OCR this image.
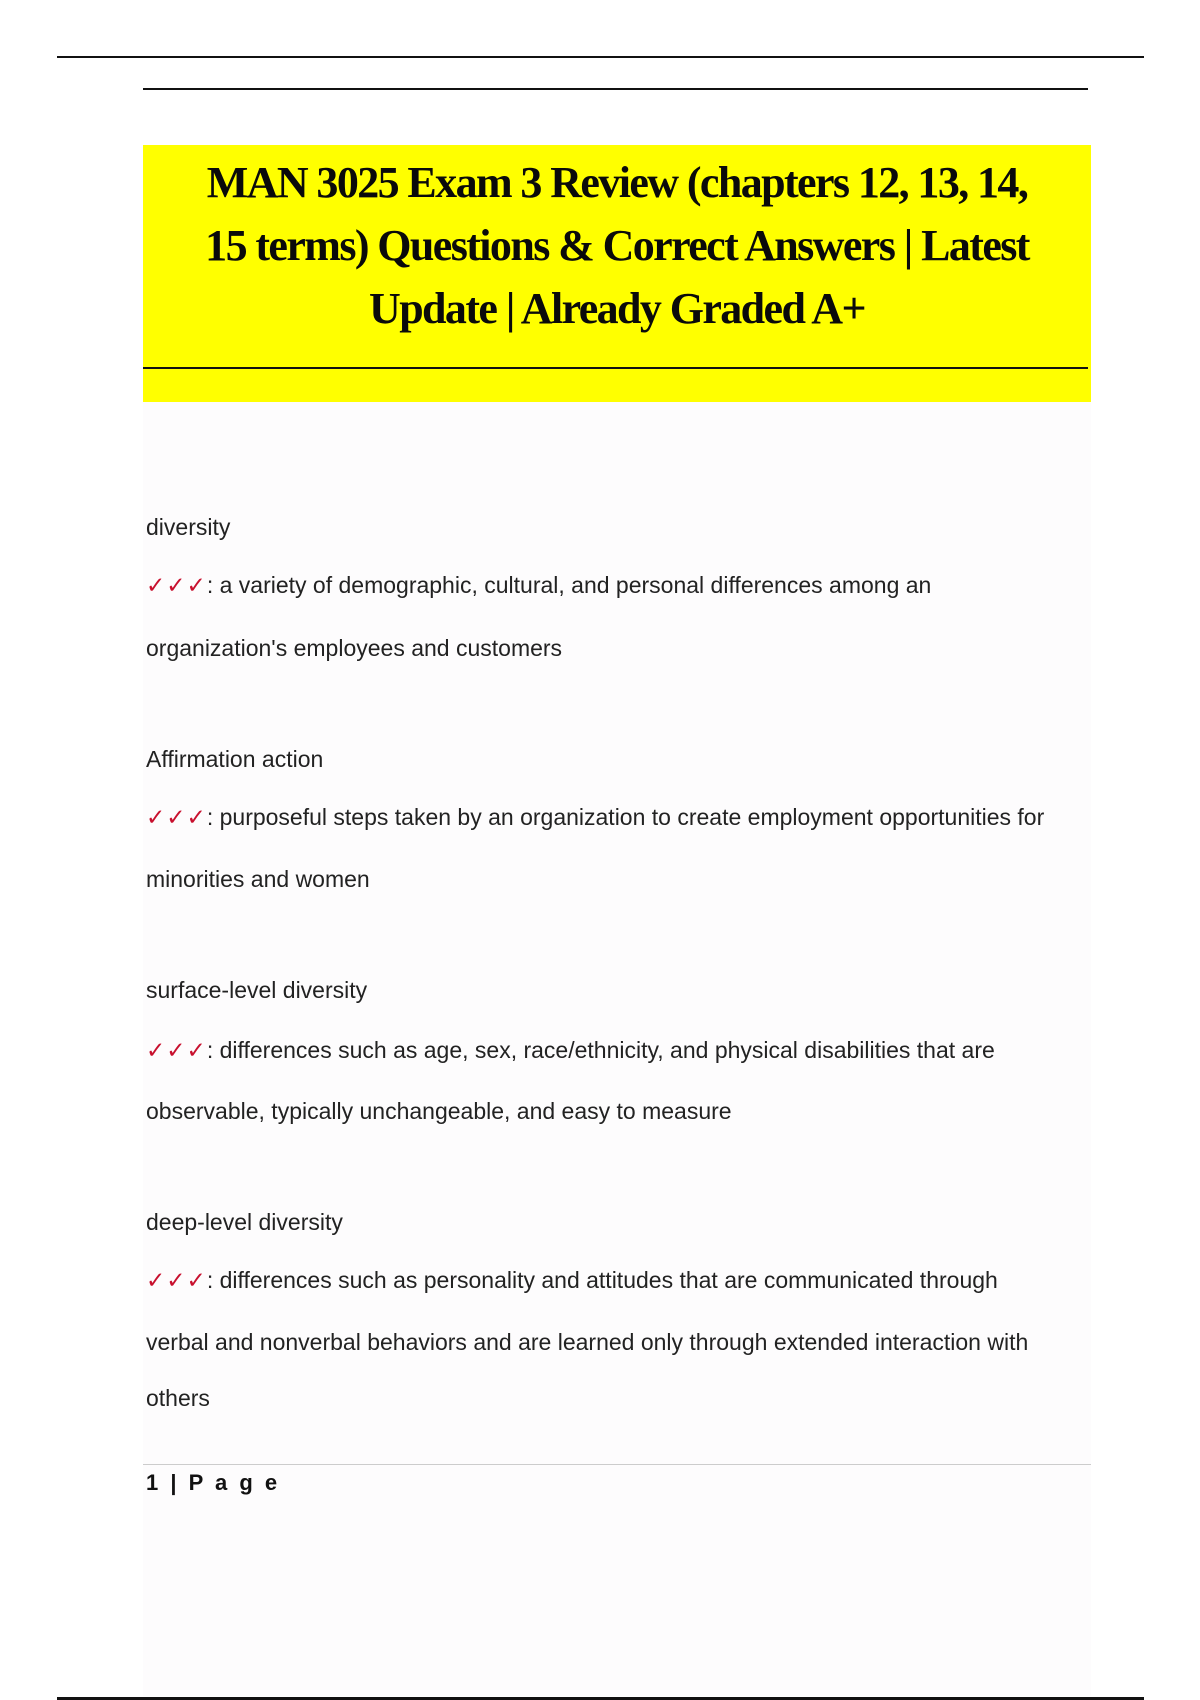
MAN 3025 Exam 3 Review (chapters 12, 13, 14,
15 terms) Questions & Correct Answers | Latest
Update | Already Graded A+
diversity
✓✓✓: a variety of demographic, cultural, and personal differences among an
organization's employees and customers
Affirmation action
✓✓✓: purposeful steps taken by an organization to create employment opportunities for
minorities and women
surface-level diversity
✓✓✓: differences such as age, sex, race/ethnicity, and physical disabilities that are
observable, typically unchangeable, and easy to measure
deep-level diversity
✓✓✓: differences such as personality and attitudes that are communicated through
verbal and nonverbal behaviors and are learned only through extended interaction with
others
1 | P a g e
